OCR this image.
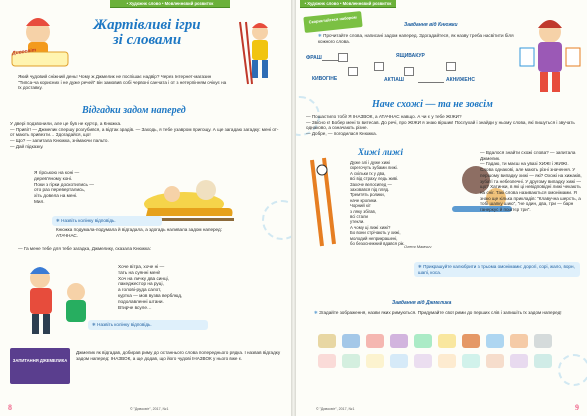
• Художнє слово • Мовленнєвий розвиток
Дивосвіт
Жартівливі ігри
зі словами
Який чудовий сніжний день! Чому ж Джмелик не поспішає надвір? Через Інтернет-магазин "Типса-ча корисних і не дуже речей" він замовив собі червоні санчата і от з нетерпінням очікує на їх доставку.
Відгадки задом наперед
У двері подзвонили, але це був не кур'єр, а Кнюжка.
— Привіт! — Джмелик спершу розгубився, а відтак зрадів. — Заходь, я тебе узавром пригощу. А ще загадаю загадку: мені от-от мають привезти… Здогадайся, що!
— Що? — запитала Кнюжка, знімаючи пальто.
— Дай підказку.
Я гірською на коні —
дерев'яному коні.
Поки з гірки доскотились —
ото раз перевертались,
хіть довела на мені.
Мил.
❄ Назвіть колінку відповідь.
Кнюжка подумала-подумала й відгадала, а здогадь наливала задом наперед: АТАЧНАС.
— Га мене тебе для тебе загадка, Джмелику, сказала Кнюжка:
Хоче вітра, хоче ні —
тать на суянні мені!
Хоч на личку два синці,
лакеджестор на руці,
а голові-руда салот,
куртка — мов вузва верблюд,
подолавленні штани.
Втирче всуле…
❄ Назвіть колінку відповідь.
ЗАПИТАННЯ ДЖЕМЕЛИКА
Джмелик як відгадав, добирав риму до останнього слова попереднього рядка. І назвав відгадку задом наперед: ІНАЗВОК, а ще додав, що його чудові ІНАЗВОК у нього вже є.
8	© "Дивосвіт", 2017, №1
• Художнє слово • Мовленнєвий розвиток
Скористайтеся набором
Завдання від Кнюжки
❄ Прочитайте слова, написані задом наперед. Здогадайтеся, як назву треба насвітити біля кожного слова.
ФРАШ	ЯЩИВАКУР
КИВОГІНЕ	АКТІАШ	АКНИЖЕНС
Наче схожі — та не зовсім
— Пошастило тобі! Я ІНАЗВОК, а АТАЧНАС навщо. А чи є у тебе ЖІЖИ?
— Звісно є! Бобер мені їх витесав. До речі, про ЖІЖИ я знаю віршик! Послухай і знайди у ньому слова, які пишуться і звучать однаково, а означають різне.
— Добре, — погодилася Кнюжка.
Хижі лижі
Дуже злі і дуже хижі
скрегочуть зубами лижі.
А скільки їх у два,
всі від страху ледь живі.
Захоче велосипед —
заховався під пляд.
Тремтять ролики,
наче кролики.
Чорний кіт
з ляку збігав,
всі стали
утекли.
А чому ці лижі хижі?
Бо вони стрічають у хижі,
молодий неприкрашені,
бо безоснежний вдався рік.
Олеся Мамчич
— Вдалося знайти схожі слова? — запитала Джмелик.
— Гадаю, ти маєш на увазі ХИЖІ і ЖИЖІ. Слова однакові, але мають різні значення. У першому випадку хижі — які? Охожі на хижаків, зубаті та небезпечні. У другому випадку хижі — що? Хатинки, в які ці невідповідні лижі чекають на сніг. Такі слова називаються омонімами. Я знаю ще кілька прикладів: "Клавучна шерсть, а тобі шапку шию", "не один, два, три — барн ганеркус й поштєр три".
❄ Прикрашуйте калюбрити з трьома омонімами: дорогі, сорі, жало, ворн, шапі, коса.
Завдання від Джмелика
❄ Згадайте зображення, назви яких римуються. Придумайте свої рими до перших слів і запишіть їх задом наперед!
9
© "Дивосвіт", 2017, №1
